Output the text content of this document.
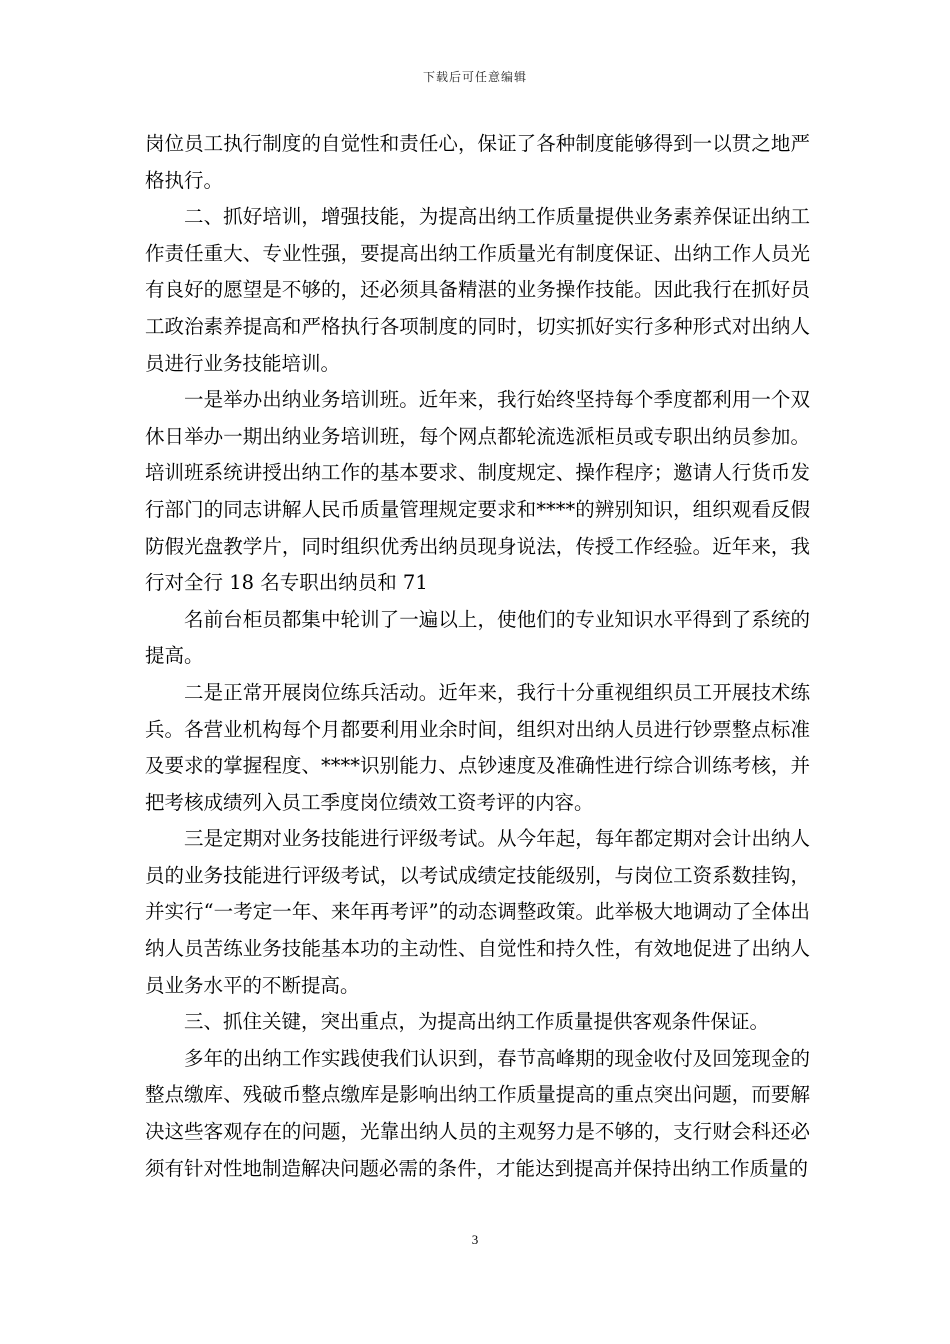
下载后可任意编辑

岗位员工执行制度的自觉性和责任心，保证了各种制度能够得到一以贯之地严格执行。

二、抓好培训，增强技能，为提高出纳工作质量提供业务素养保证出纳工作责任重大、专业性强，要提高出纳工作质量光有制度保证、出纳工作人员光有良好的愿望是不够的，还必须具备精湛的业务操作技能。因此我行在抓好员工政治素养提高和严格执行各项制度的同时，切实抓好实行多种形式对出纳人员进行业务技能培训。

一是举办出纳业务培训班。近年来，我行始终坚持每个季度都利用一个双休日举办一期出纳业务培训班，每个网点都轮流选派柜员或专职出纳员参加。培训班系统讲授出纳工作的基本要求、制度规定、操作程序；邀请人行货币发行部门的同志讲解人民币质量管理规定要求和****的辨别知识，组织观看反假防假光盘教学片，同时组织优秀出纳员现身说法，传授工作经验。近年来，我行对全行 18 名专职出纳员和 71

名前台柜员都集中轮训了一遍以上，使他们的专业知识水平得到了系统的提高。

二是正常开展岗位练兵活动。近年来，我行十分重视组织员工开展技术练兵。各营业机构每个月都要利用业余时间，组织对出纳人员进行钞票整点标准及要求的掌握程度、****识别能力、点钞速度及准确性进行综合训练考核，并把考核成绩列入员工季度岗位绩效工资考评的内容。

三是定期对业务技能进行评级考试。从今年起，每年都定期对会计出纳人员的业务技能进行评级考试，以考试成绩定技能级别，与岗位工资系数挂钩，并实行“一考定一年、来年再考评”的动态调整政策。此举极大地调动了全体出纳人员苦练业务技能基本功的主动性、自觉性和持久性，有效地促进了出纳人员业务水平的不断提高。

三、抓住关键，突出重点，为提高出纳工作质量提供客观条件保证。

多年的出纳工作实践使我们认识到，春节高峰期的现金收付及回笼现金的整点缴库、残破币整点缴库是影响出纳工作质量提高的重点突出问题，而要解决这些客观存在的问题，光靠出纳人员的主观努力是不够的，支行财会科还必须有针对性地制造解决问题必需的条件，才能达到提高并保持出纳工作质量的

3
